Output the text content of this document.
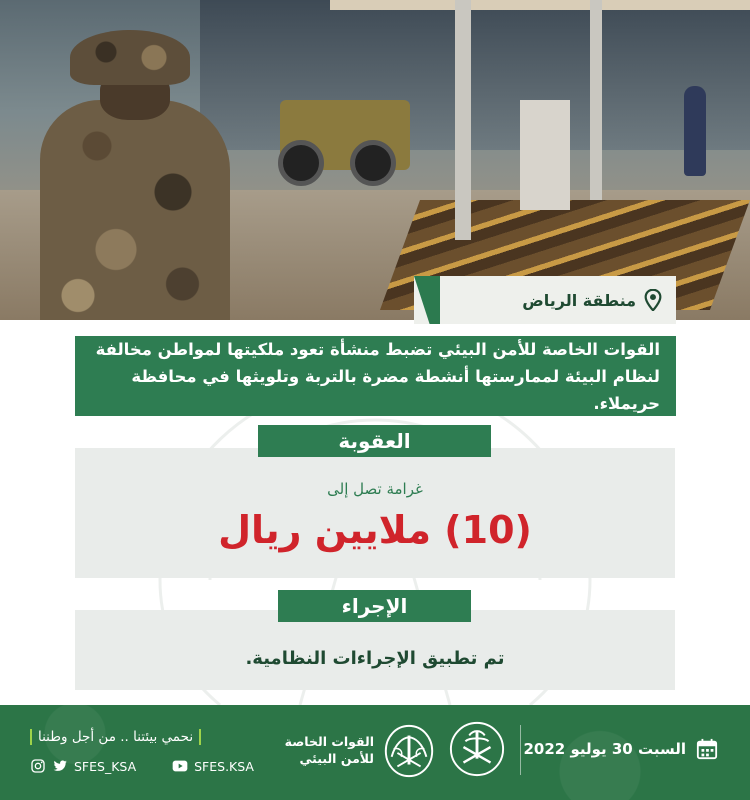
منطقة الرياض

القوات الخاصة للأمن البيئي تضبط منشأة تعود ملكيتها لمواطن مخالفة لنظام البيئة لممارستها أنشطة مضرة بالتربة وتلويثها في محافظة حريملاء.

العقوبة
غرامة تصل إلى
(10) ملايين ريال
الإجراء
تم تطبيق الإجراءات النظامية.
السبت 30 يوليو 2022
القوات الخاصة
للأمن البيئي
نحمي بيئتنا .. من أجل وطننا
SFES_KSA	SFES.KSA
